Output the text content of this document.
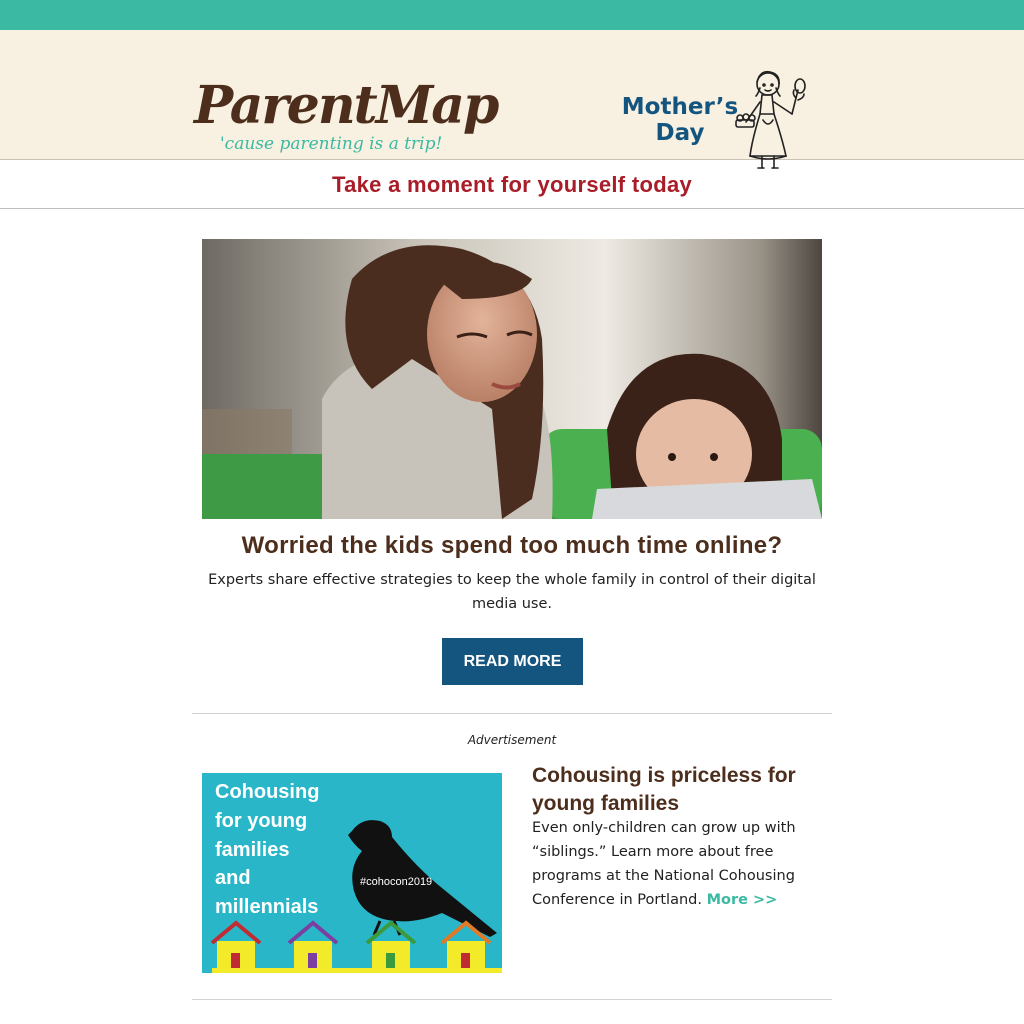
ParentMap
'cause parenting is a trip!
Mother’s
Day
Take a moment for yourself today
Worried the kids spend too much time online?
Experts share effective strategies to keep the whole family in control of their digital media use.
READ MORE
Advertisement
Cohousing
for young
families
and
millennials
#cohocon2019
Cohousing is priceless for young families
Even only-children can grow up with “siblings.” Learn more about free programs at the National Cohousing Conference in Portland. More >>
